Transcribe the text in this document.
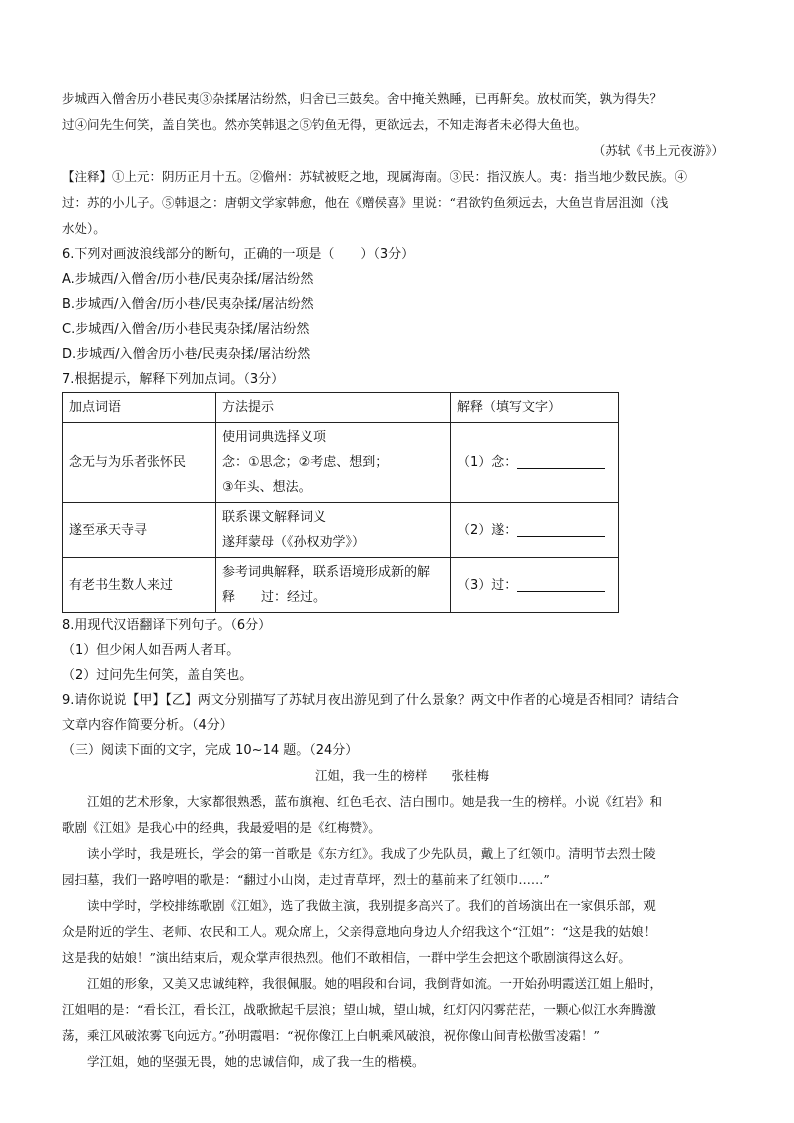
步城西入僧舍历小巷民夷③杂揉屠沽纷然，归舍已三鼓矣。舍中掩关熟睡，已再鼾矣。放杖而笑，孰为得失？

过④问先生何笑，盖自笑也。然亦笑韩退之⑤钓鱼无得，更欲远去，不知走海者未必得大鱼也。

（苏轼《书上元夜游》）

【注释】①上元：阴历正月十五。②儋州：苏轼被贬之地，现属海南。③民：指汉族人。夷：指当地少数民族。④

过：苏的小儿子。⑤韩退之：唐朝文学家韩愈，他在《赠侯喜》里说：“君欲钓鱼须远去，大鱼岂肯居沮洳（浅

水处）。

6.下列对画波浪线部分的断句，正确的一项是（　　）（3分）

A.步城西/入僧舍/历小巷/民夷杂揉/屠沽纷然

B.步城西/入僧舍/历小巷/民夷杂揉/屠沽纷然

C.步城西/入僧舍/历小巷民夷杂揉/屠沽纷然

D.步城西/入僧舍历小巷/民夷杂揉/屠沽纷然

7.根据提示，解释下列加点词。（3分）

加点词语	方法提示	解释（填写文字）
念无与为乐者张怀民	使用词典选择义项
念：①思念；②考虑、想到；
③年头、想法。	（1）念：
遂至承天寺寻	联系课文解释词义
遂拜蒙母（《孙权劝学》）	（2）遂：
有老书生数人来过	参考词典解释，联系语境形成新的解
释　　过：经过。	（3）过：

8.用现代汉语翻译下列句子。（6分）

（1）但少闲人如吾两人者耳。

（2）过问先生何笑，盖自笑也。

9.请你说说【甲】【乙】两文分别描写了苏轼月夜出游见到了什么景象？两文中作者的心境是否相同？请结合

文章内容作简要分析。（4分）

（三）阅读下面的文字，完成 10~14 题。（24分）

江姐，我一生的榜样 张桂梅

江姐的艺术形象，大家都很熟悉，蓝布旗袍、红色毛衣、洁白围巾。她是我一生的榜样。小说《红岩》和

歌剧《江姐》是我心中的经典，我最爱唱的是《红梅赞》。

读小学时，我是班长，学会的第一首歌是《东方红》。我成了少先队员，戴上了红领巾。清明节去烈士陵

园扫墓，我们一路哼唱的歌是：“翻过小山岗，走过青草坪，烈士的墓前来了红领巾……”

读中学时，学校排练歌剧《江姐》，选了我做主演，我别提多高兴了。我们的首场演出在一家俱乐部，观

众是附近的学生、老师、农民和工人。观众席上，父亲得意地向身边人介绍我这个“江姐”：“这是我的姑娘！

这是我的姑娘！”演出结束后，观众掌声很热烈。他们不敢相信，一群中学生会把这个歌剧演得这么好。

江姐的形象，又美又忠诚纯粹，我很佩服。她的唱段和台词，我倒背如流。一开始孙明霞送江姐上船时，

江姐唱的是：“看长江，看长江，战歌掀起千层浪；望山城，望山城，红灯闪闪雾茫茫，一颗心似江水奔腾激

荡，乘江风破浓雾飞向远方。”孙明霞唱：“祝你像江上白帆乘风破浪，祝你像山间青松傲雪凌霜！”

学江姐，她的坚强无畏，她的忠诚信仰，成了我一生的楷模。
